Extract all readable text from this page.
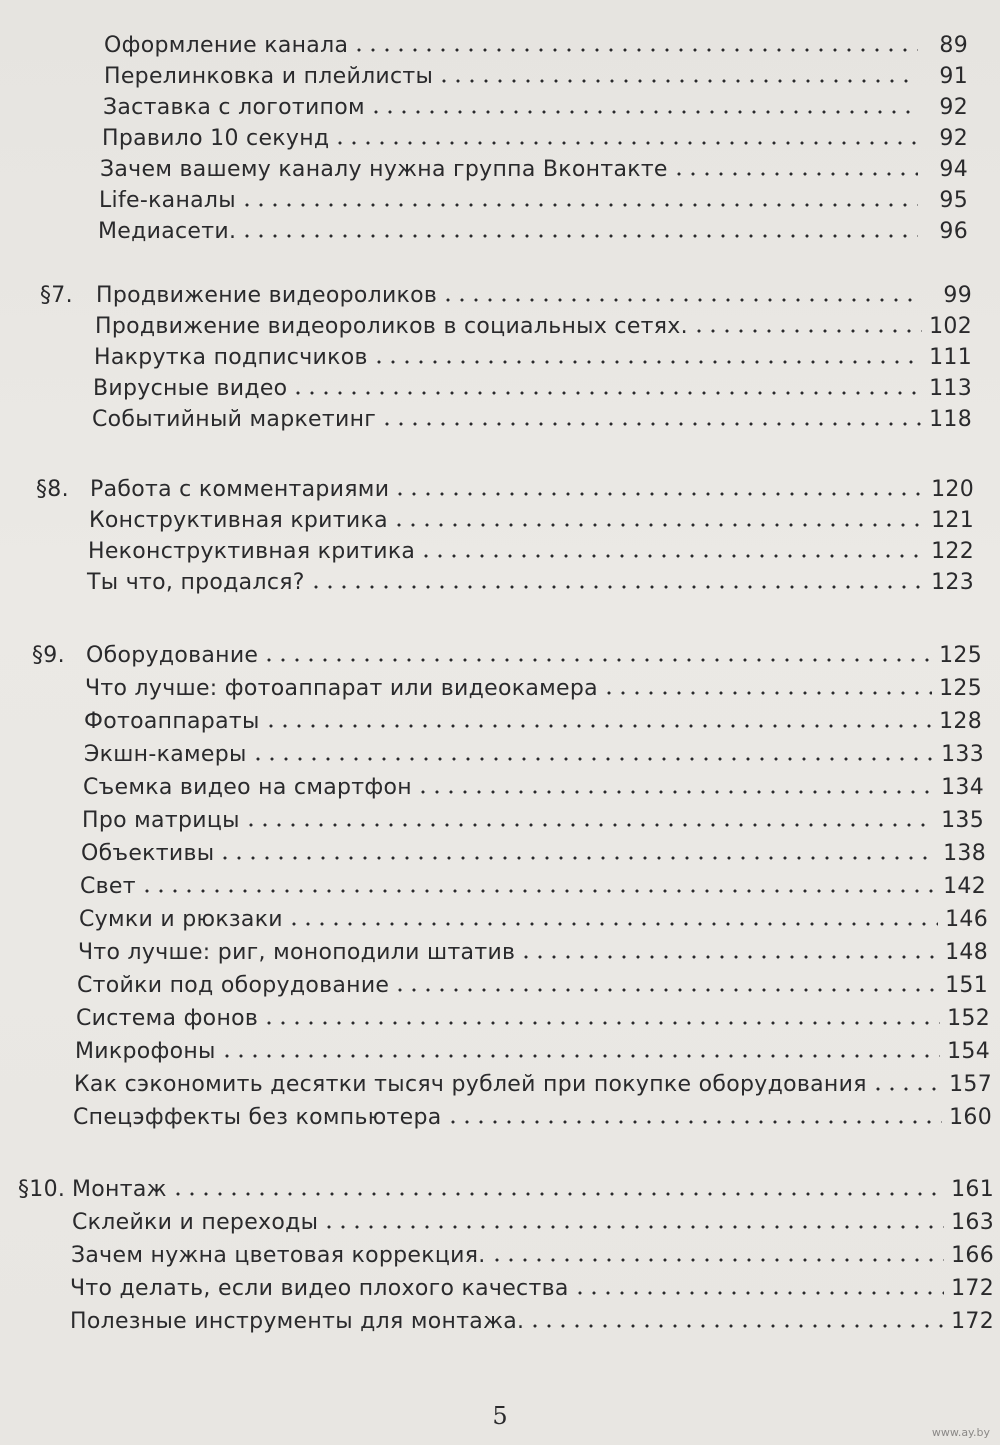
Оформление канала	89
Перелинковка и плейлисты	91
Заставка с логотипом	92
Правило 10 секунд	92
Зачем вашему каналу нужна группа Вконтакте	94
Life-каналы	95
Медиасети.	96
§7.	Продвижение видеороликов	99
Продвижение видеороликов в социальных сетях.	102
Накрутка подписчиков	111
Вирусные видео	113
Событийный маркетинг	118
§8. Работа с комментариями	120
Конструктивная критика	121
Неконструктивная критика	122
Ты что, продался?	123
§9. Оборудование	125
Что лучше: фотоаппарат или видеокамера	125
Фотоаппараты	128
Экшн-камеры	133
Съемка видео на смартфон	134
Про матрицы	135
Объективы	138
Свет	142
Сумки и рюкзаки	146
Что лучше: риг, моноподили штатив	148
Стойки под оборудование	151
Система фонов	152
Микрофоны	154
Как сэкономить десятки тысяч рублей при покупке оборудования	157
Спецэффекты без компьютера	160
§10. Монтаж	161
Склейки и переходы	163
Зачем нужна цветовая коррекция.	166
Что делать, если видео плохого качества	172
Полезные инструменты для монтажа.	172
5
www.ay.by
